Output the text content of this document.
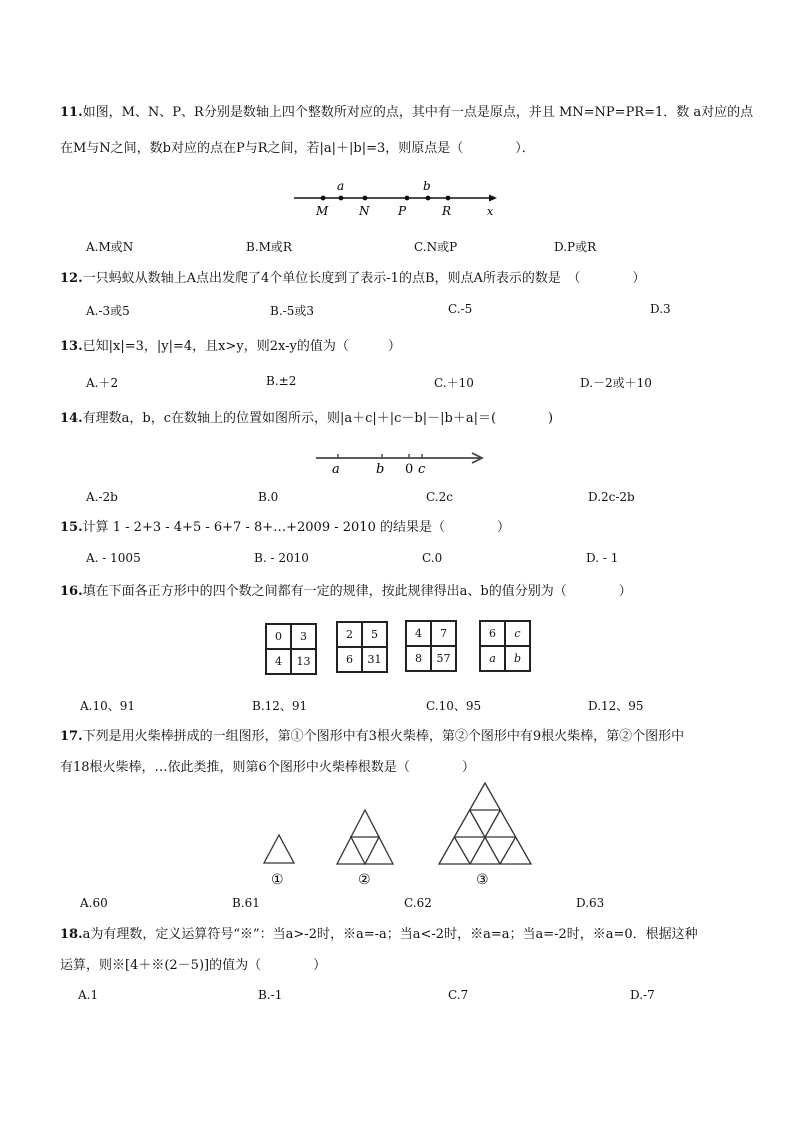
11.如图，M、N、P、R分别是数轴上四个整数所对应的点，其中有一点是原点，并且 MN=NP=PR=1．数 a对应的点
在M与N之间，数b对应的点在P与R之间，若|a|＋|b|=3，则原点是（　　　　）．
a	b
M	N P	R	x
A.M或N	B.M或R	C.N或P	D.P或R
12.一只蚂蚁从数轴上A点出发爬了4个单位长度到了表示-1的点B，则点A所表示的数是　（　　　　）
A.-3或5	B.-5或3	C.-5	D.3
13.已知|x|=3，|y|=4，且x>y，则2x-y的值为（　　　）
A.＋2	B.±2	C.＋10	D.－2或＋10
14.有理数a，b，c在数轴上的位置如图所示，则|a＋c|＋|c－b|－|b＋a|＝(　　　　)
a	b 0 c
A.-2b	B.0	C.2c	D.2c-2b
15.计算 1 - 2+3 - 4+5 - 6+7 - 8+…+2009 - 2010 的结果是（　　　　）
A. - 1005	B. - 2010	C.0	D. - 1
16.填在下面各正方形中的四个数之间都有一定的规律，按此规律得出a、b的值分别为（　　　　）
0	3
4	13
2	5
6	31
4	7
8	57
6	c
a	b
A.10、91	B.12、91	C.10、95	D.12、95
17.下列是用火柴棒拼成的一组图形，第①个图形中有3根火柴棒，第②个图形中有9根火柴棒，第②个图形中
有18根火柴棒，…依此类推，则第6个图形中火柴棒根数是（　　　　）
①	②	③
A.60	B.61	C.62	D.63
18.a为有理数，定义运算符号“※”：当a>-2时，※a=-a；当a<-2时，※a=a；当a=-2时，※a=0．根据这种
运算，则※[4＋※(2－5)]的值为（　　　　）
A.1	B.-1	C.7	D.-7
